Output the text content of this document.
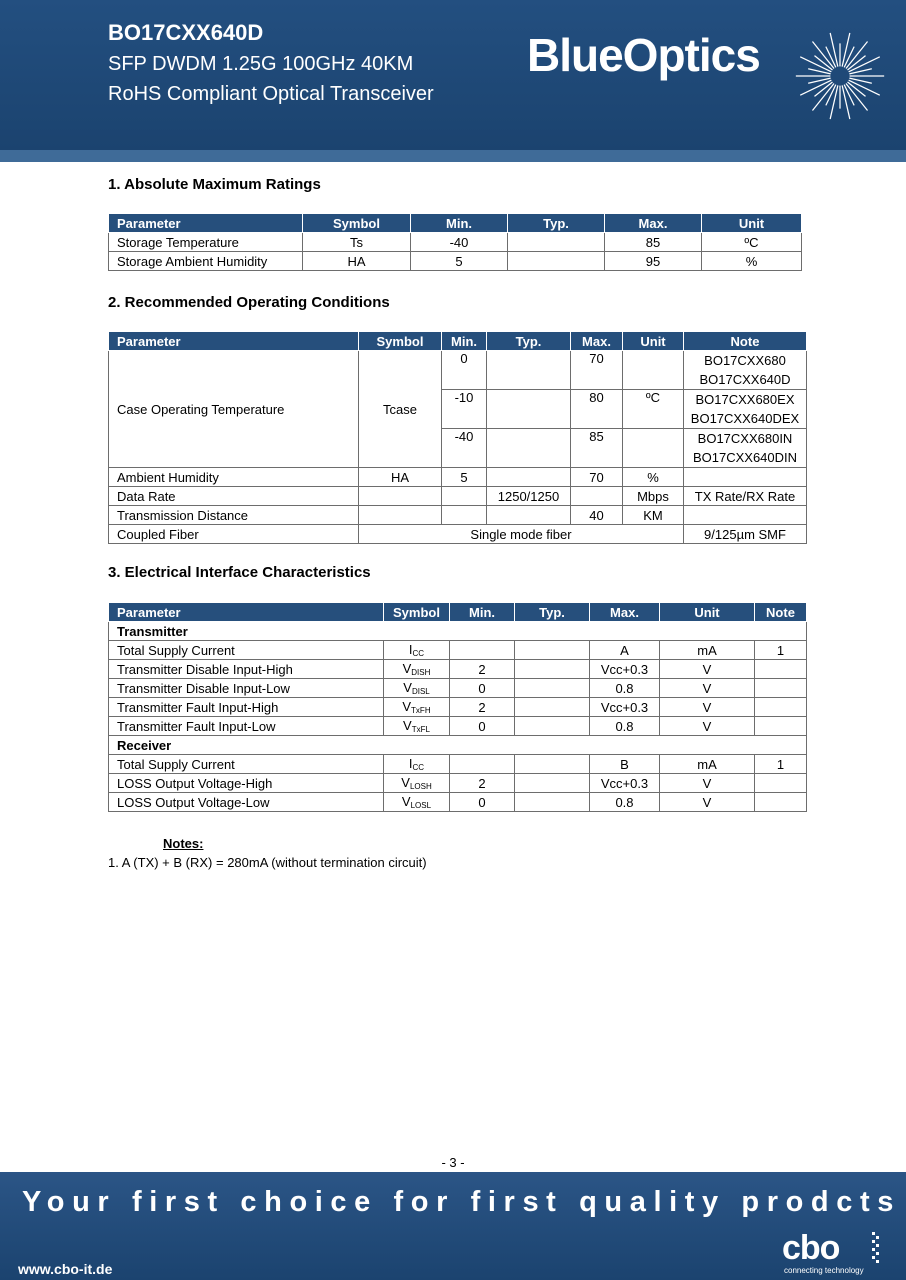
BO17CXX640D
SFP DWDM 1.25G 100GHz 40KM
RoHS Compliant Optical Transceiver
BlueOptics
1. Absolute Maximum Ratings
Parameter	Symbol	Min.	Typ.	Max.	Unit
Storage Temperature	Ts	-40		85	ºC
Storage Ambient Humidity	HA	5		95	%
2. Recommended Operating Conditions
Parameter	Symbol	Min.	Typ.	Max.	Unit	Note
Case Operating Temperature	Tcase	0		70		BO17CXX680
BO17CXX640D

		-10		80	ºC	BO17CXX680EX
BO17CXX640DEX

		-40		85		BO17CXX680IN
BO17CXX640DIN

Ambient Humidity	HA	5		70	%	
Data Rate			1250/1250		Mbps	TX Rate/RX Rate
Transmission Distance				40	KM	
Coupled Fiber	Single mode fiber					9/125µm SMF
3. Electrical Interface Characteristics
Parameter	Symbol	Min.	Typ.	Max.	Unit	Note
Transmitter						
Total Supply Current	ICC			A	mA	1
Transmitter Disable Input-High	VDISH	2		Vcc+0.3	V	
Transmitter Disable Input-Low	VDISL	0		0.8	V	
Transmitter Fault Input-High	VTxFH	2		Vcc+0.3	V	
Transmitter Fault Input-Low	VTxFL	0		0.8	V	
Receiver						
Total Supply Current	ICC			B	mA	1
LOSS Output Voltage-High	VLOSH	2		Vcc+0.3	V	
LOSS Output Voltage-Low	VLOSL	0		0.8	V	
Notes:
1. A (TX) + B (RX) = 280mA (without termination circuit)
- 3 -
Your first choice for first quality prodcts
www.cbo-it.de
cbo
connecting technology
